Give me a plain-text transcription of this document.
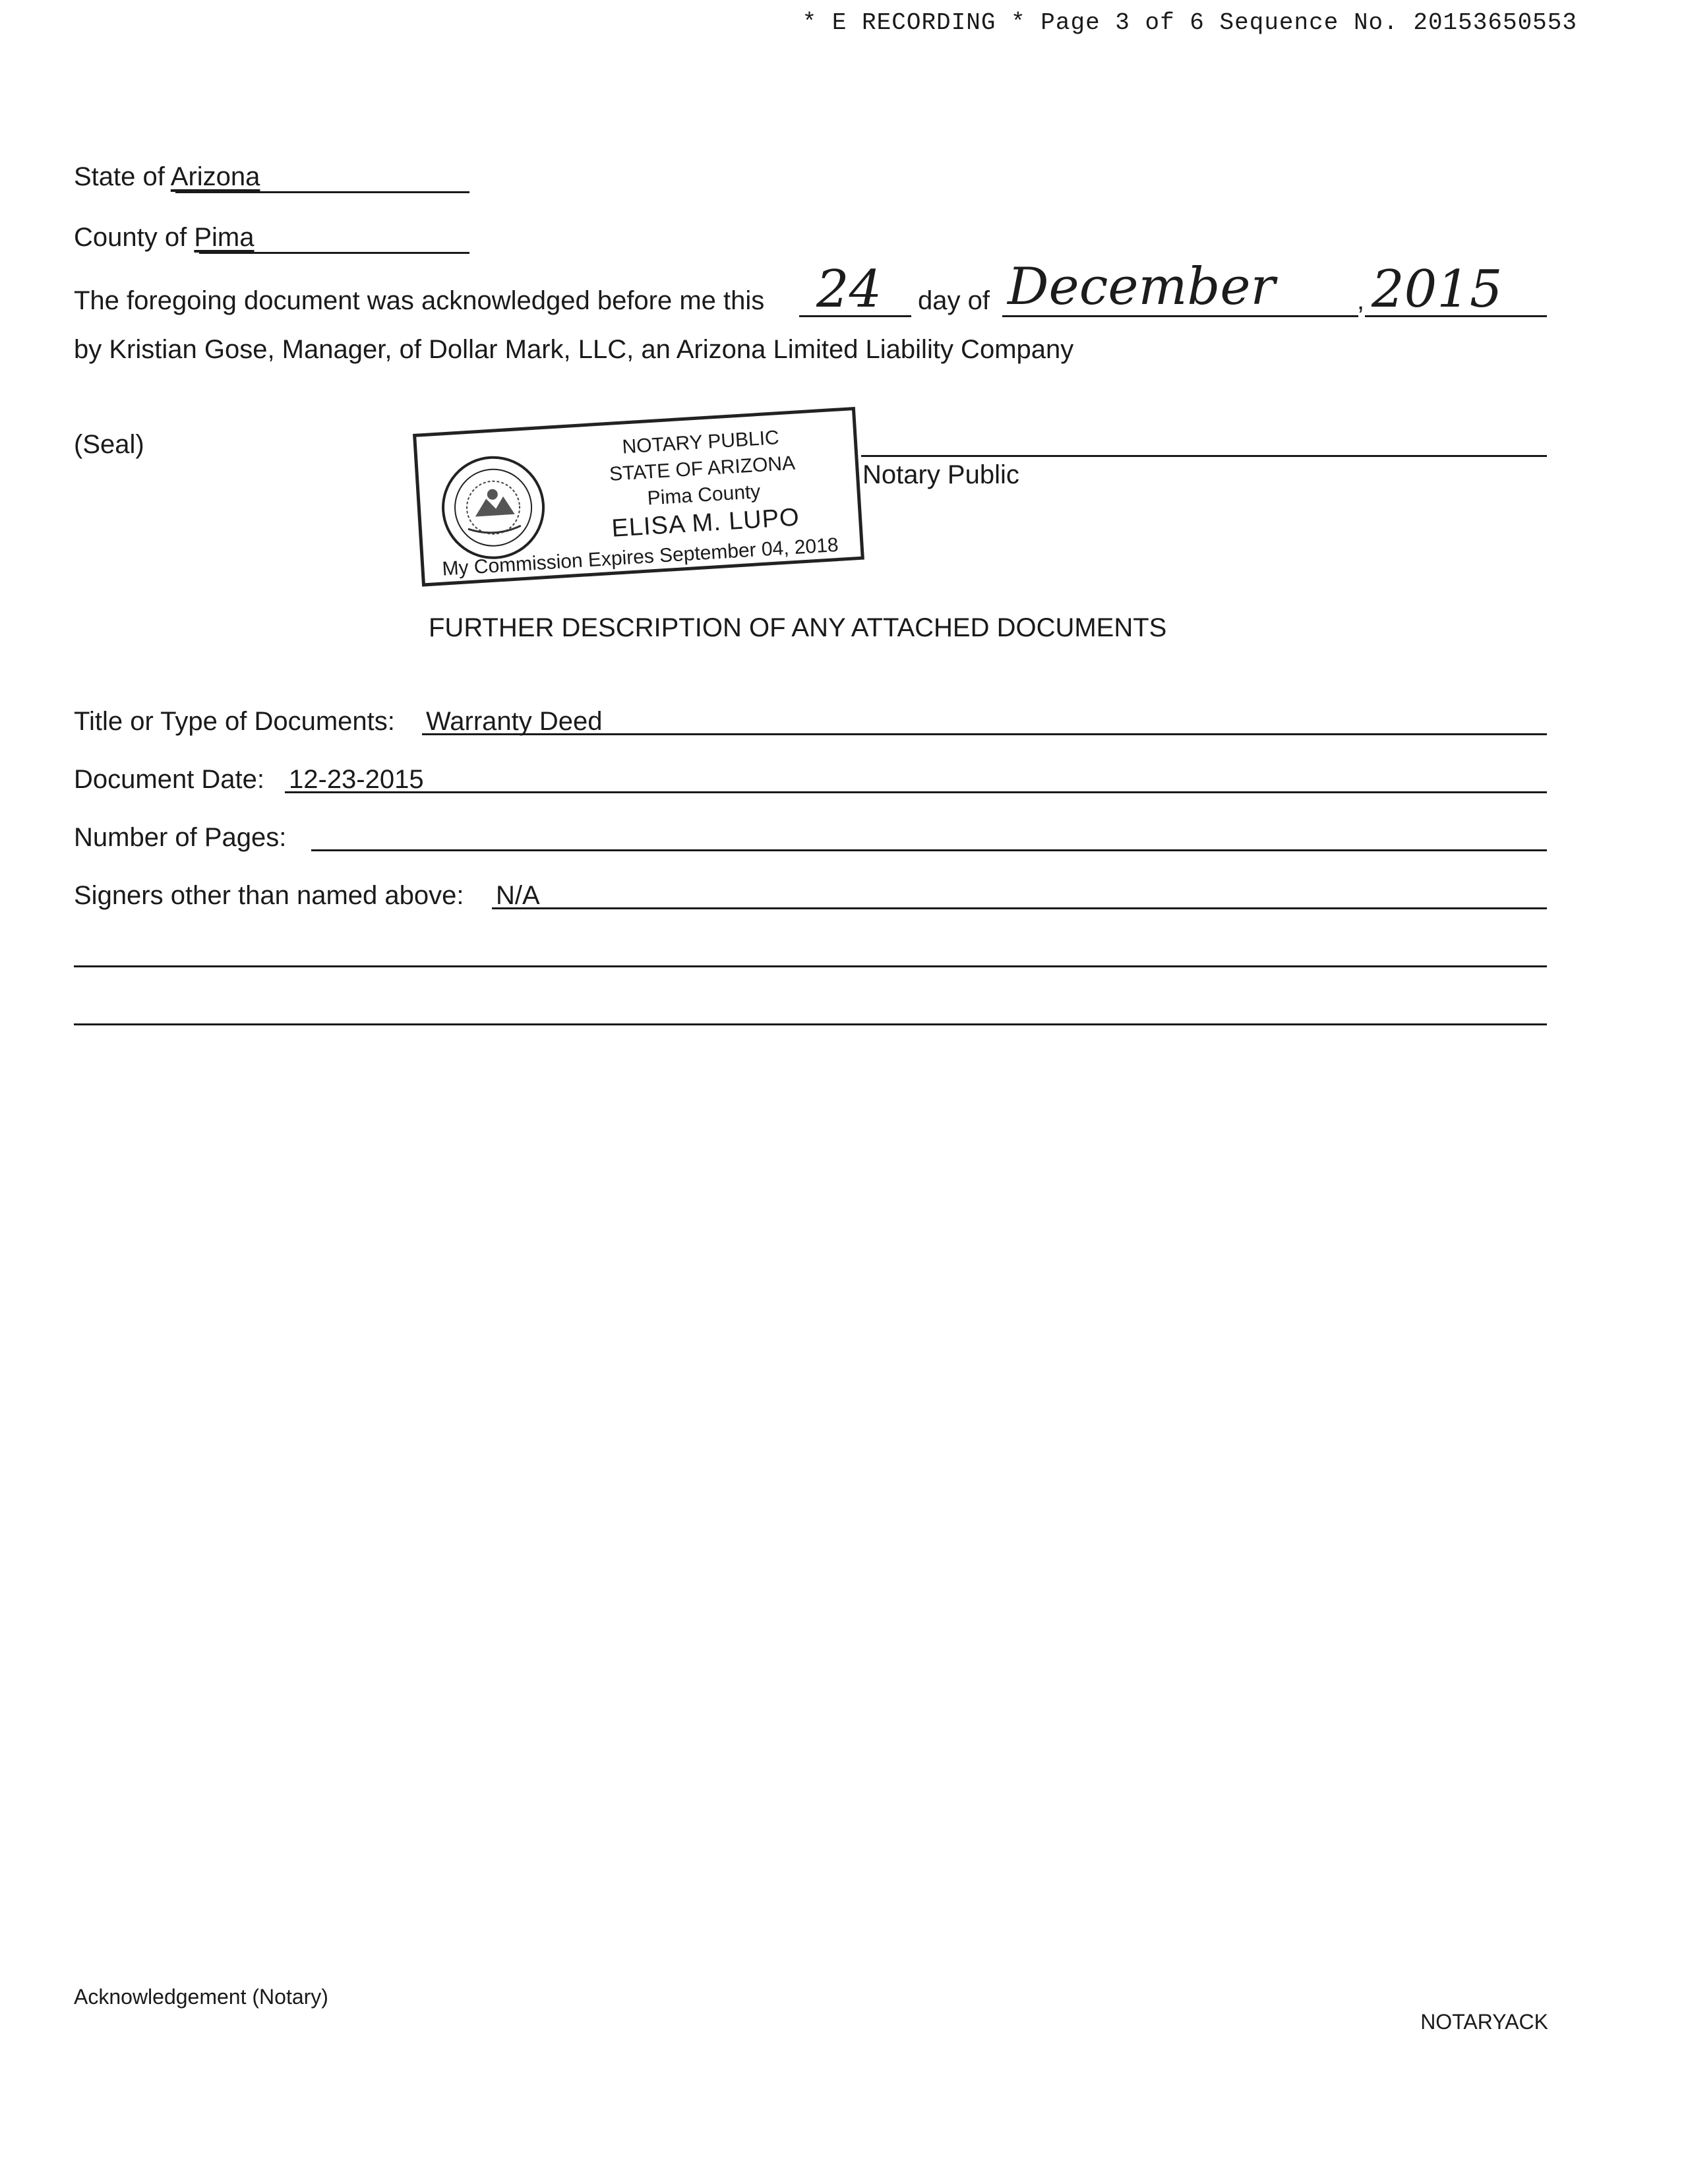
* E RECORDING * Page 3 of 6 Sequence No. 20153650553
State of Arizona
County of Pima
The foregoing document was acknowledged before me this 24 day of December	, 2015
by Kristian Gose, Manager, of Dollar Mark, LLC, an Arizona Limited Liability Company
(Seal)
Notary Public
NOTARY PUBLIC
STATE OF ARIZONA
Pima County
ELISA M. LUPO
My Commission Expires September 04, 2018
FURTHER DESCRIPTION OF ANY ATTACHED DOCUMENTS
Title or Type of Documents: Warranty Deed
Document Date: 12-23-2015
Number of Pages:
Signers other than named above: N/A
Acknowledgement (Notary)
NOTARYACK
